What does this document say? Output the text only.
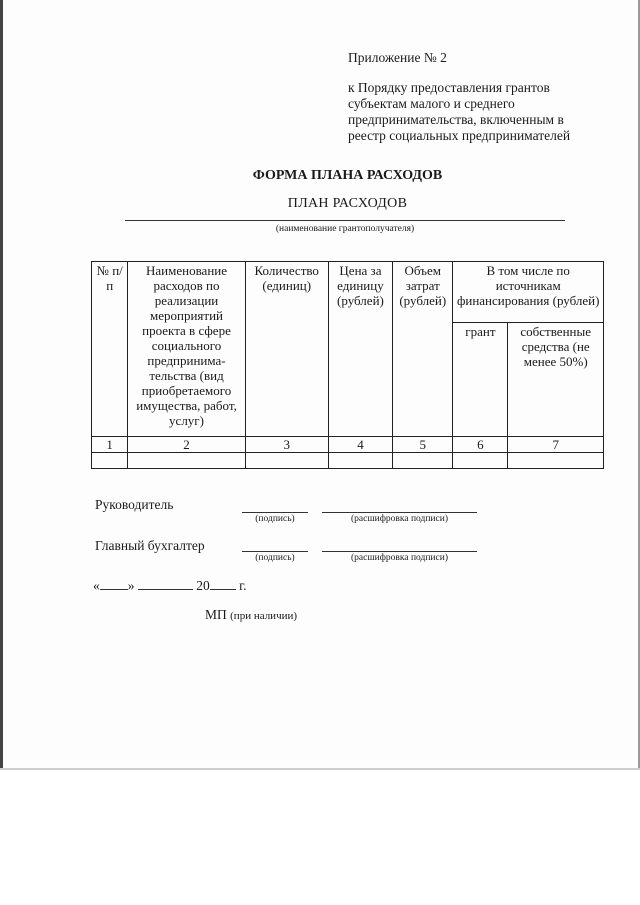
Приложение № 2
к Порядку предоставления грантов
субъектам малого и среднего
предпринимательства, включенным в
реестр социальных предпринимателей
ФОРМА ПЛАНА РАСХОДОВ
ПЛАН РАСХОДОВ
(наименование грантополучателя)
№ п/п	Наименование расходов по реализации мероприятий проекта в сфере социального предпринима-тельства (вид приобретаемого имущества, работ, услуг)	Количество (единиц)	Цена за единицу (рублей)	Объем затрат (рублей)	В том числе по источникам финансирования (рублей)	
					грант	собственные средства (не менее 50%)
1	2	3	4	5	6	7

Руководитель
(подпись)	(расшифровка подписи)
Главный бухгалтер
(подпись)	(расшифровка подписи)
« »	20 г.
МП (при наличии)
